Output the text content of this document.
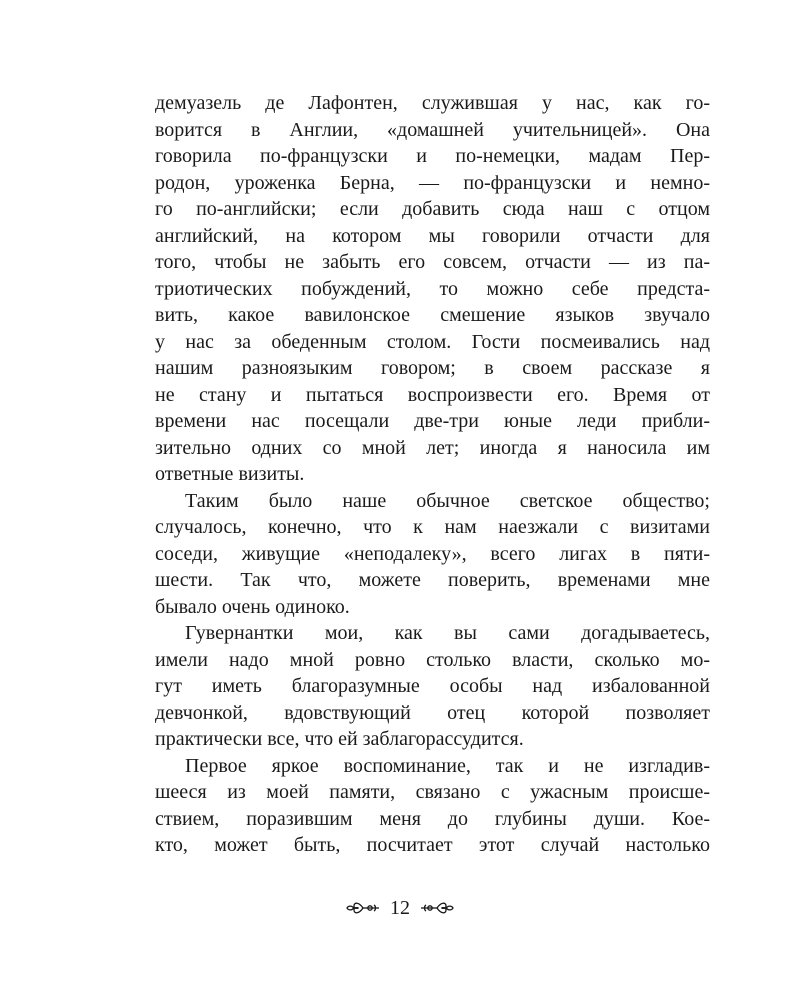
демуазель де Лафонтен, служившая у нас, как го-
ворится в Англии, «домашней учительницей». Она
говорила по-французски и по-немецки, мадам Пер-
родон, уроженка Берна, — по-французски и немно-
го по-английски; если добавить сюда наш с отцом
английский, на котором мы говорили отчасти для
того, чтобы не забыть его совсем, отчасти — из па-
триотических побуждений, то можно себе предста-
вить, какое вавилонское смешение языков звучало
у нас за обеденным столом. Гости посмеивались над
нашим разноязыким говором; в своем рассказе я
не стану и пытаться воспроизвести его. Время от
времени нас посещали две-три юные леди прибли-
зительно одних со мной лет; иногда я наносила им
ответные визиты.
Таким было наше обычное светское общество;
случалось, конечно, что к нам наезжали с визитами
соседи, живущие «неподалеку», всего лигах в пяти-
шести. Так что, можете поверить, временами мне
бывало очень одиноко.
Гувернантки мои, как вы сами догадываетесь,
имели надо мной ровно столько власти, сколько мо-
гут иметь благоразумные особы над избалованной
девчонкой, вдовствующий отец которой позволяет
практически все, что ей заблагорассудится.
Первое яркое воспоминание, так и не изгладив-
шееся из моей памяти, связано с ужасным происше-
ствием, поразившим меня до глубины души. Кое-
кто, может быть, посчитает этот случай настолько
12
